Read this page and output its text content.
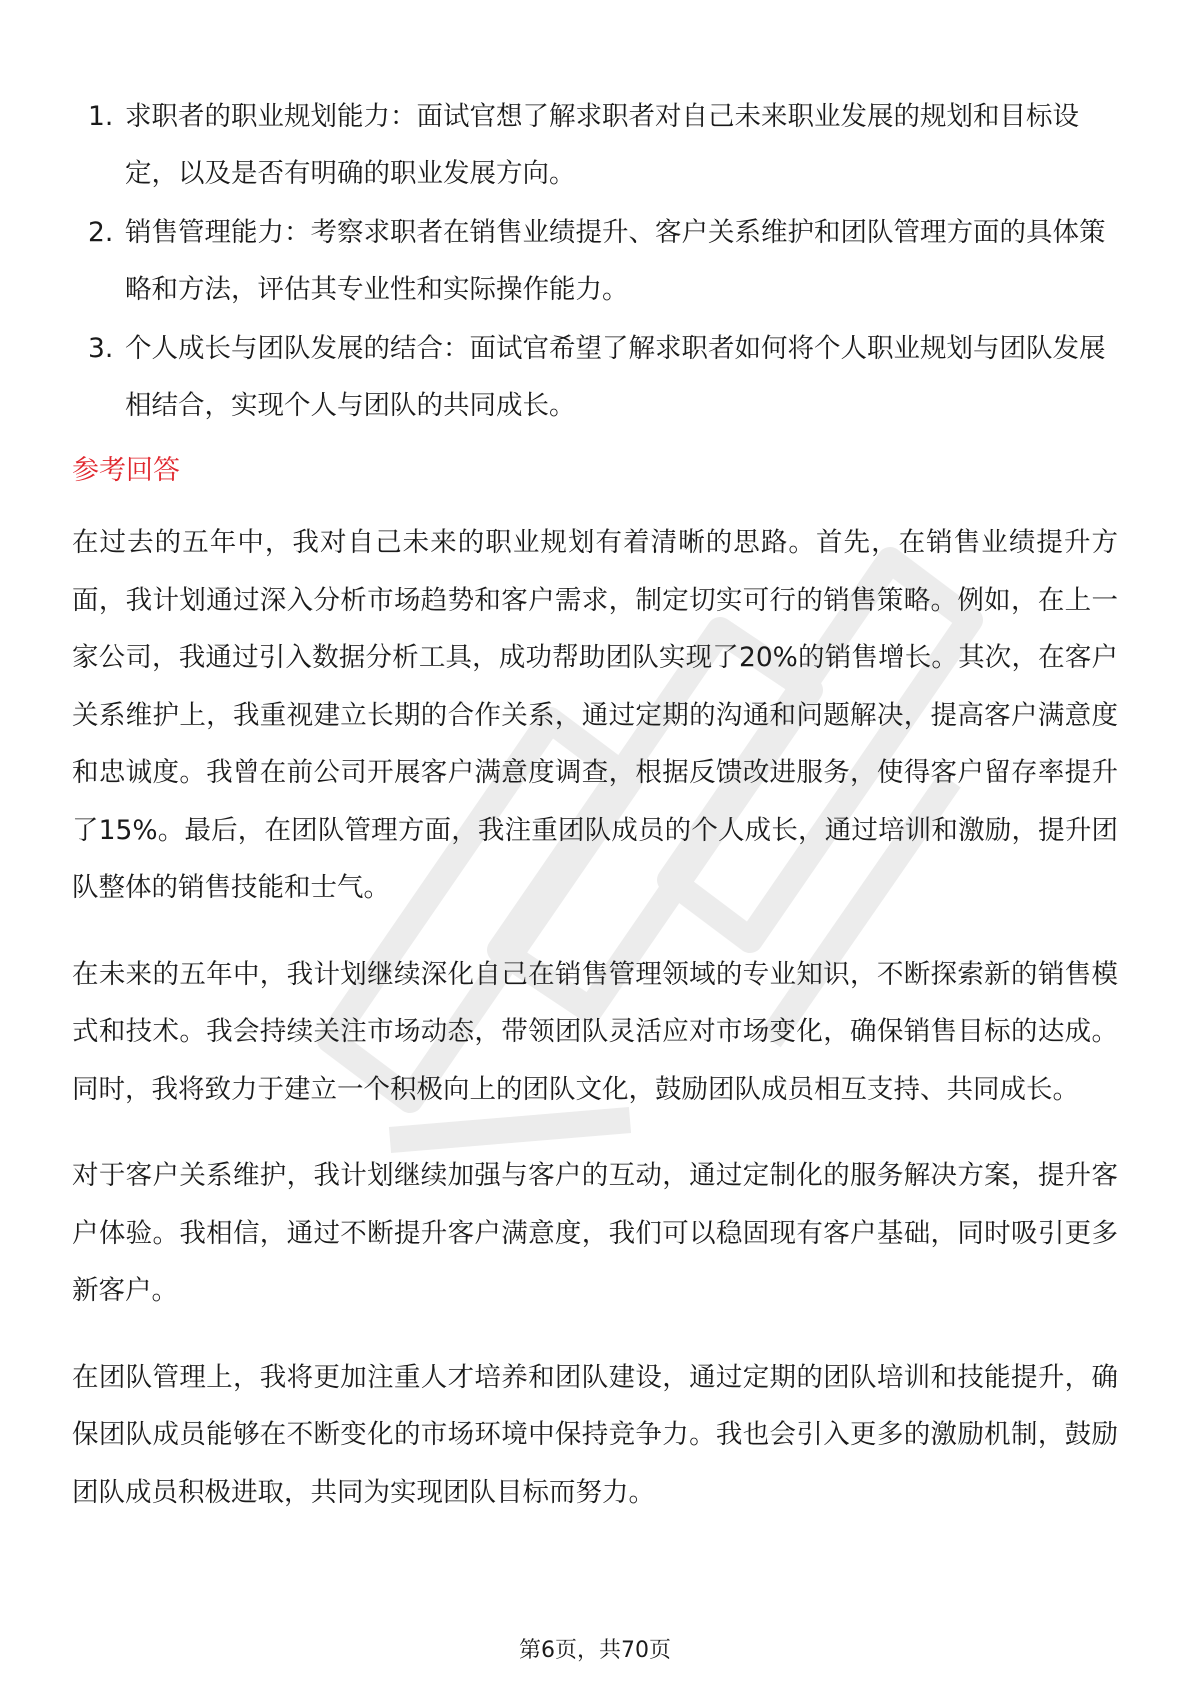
1. 求职者的职业规划能力：面试官想了解求职者对自己未来职业发展的规划和目标设定，以及是否有明确的职业发展方向。
2. 销售管理能力：考察求职者在销售业绩提升、客户关系维护和团队管理方面的具体策略和方法，评估其专业性和实际操作能力。
3. 个人成长与团队发展的结合：面试官希望了解求职者如何将个人职业规划与团队发展相结合，实现个人与团队的共同成长。
参考回答

在过去的五年中，我对自己未来的职业规划有着清晰的思路。首先，在销售业绩提升方面，我计划通过深入分析市场趋势和客户需求，制定切实可行的销售策略。例如，在上一家公司，我通过引入数据分析工具，成功帮助团队实现了20%的销售增长。其次，在客户关系维护上，我重视建立长期的合作关系，通过定期的沟通和问题解决，提高客户满意度和忠诚度。我曾在前公司开展客户满意度调查，根据反馈改进服务，使得客户留存率提升了15%。最后，在团队管理方面，我注重团队成员的个人成长，通过培训和激励，提升团队整体的销售技能和士气。

在未来的五年中，我计划继续深化自己在销售管理领域的专业知识，不断探索新的销售模式和技术。我会持续关注市场动态，带领团队灵活应对市场变化，确保销售目标的达成。同时，我将致力于建立一个积极向上的团队文化，鼓励团队成员相互支持、共同成长。

对于客户关系维护，我计划继续加强与客户的互动，通过定制化的服务解决方案，提升客户体验。我相信，通过不断提升客户满意度，我们可以稳固现有客户基础，同时吸引更多新客户。

在团队管理上，我将更加注重人才培养和团队建设，通过定期的团队培训和技能提升，确保团队成员能够在不断变化的市场环境中保持竞争力。我也会引入更多的激励机制，鼓励团队成员积极进取，共同为实现团队目标而努力。

第6页，共70页
